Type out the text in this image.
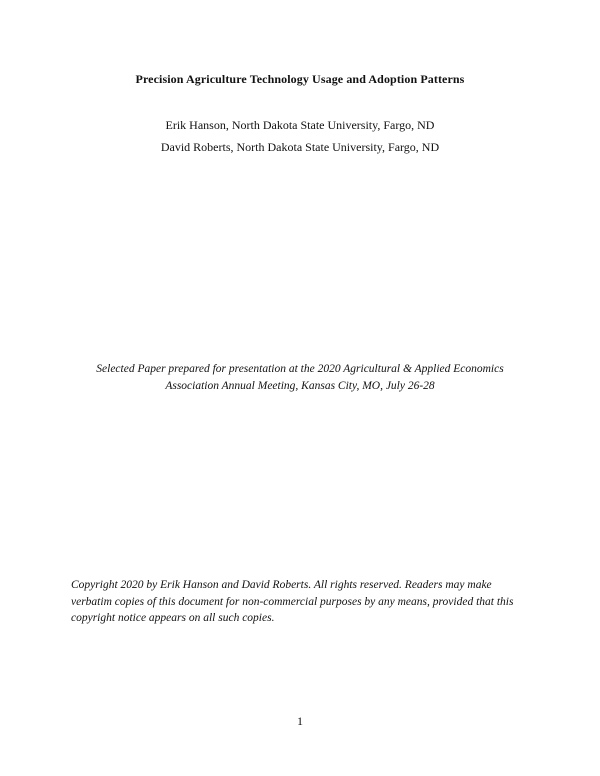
Precision Agriculture Technology Usage and Adoption Patterns
Erik Hanson, North Dakota State University, Fargo, ND
David Roberts, North Dakota State University, Fargo, ND
Selected Paper prepared for presentation at the 2020 Agricultural & Applied Economics
Association Annual Meeting, Kansas City, MO, July 26-28
Copyright 2020 by Erik Hanson and David Roberts. All rights reserved. Readers may make
verbatim copies of this document for non-commercial purposes by any means, provided that this
copyright notice appears on all such copies.
1
